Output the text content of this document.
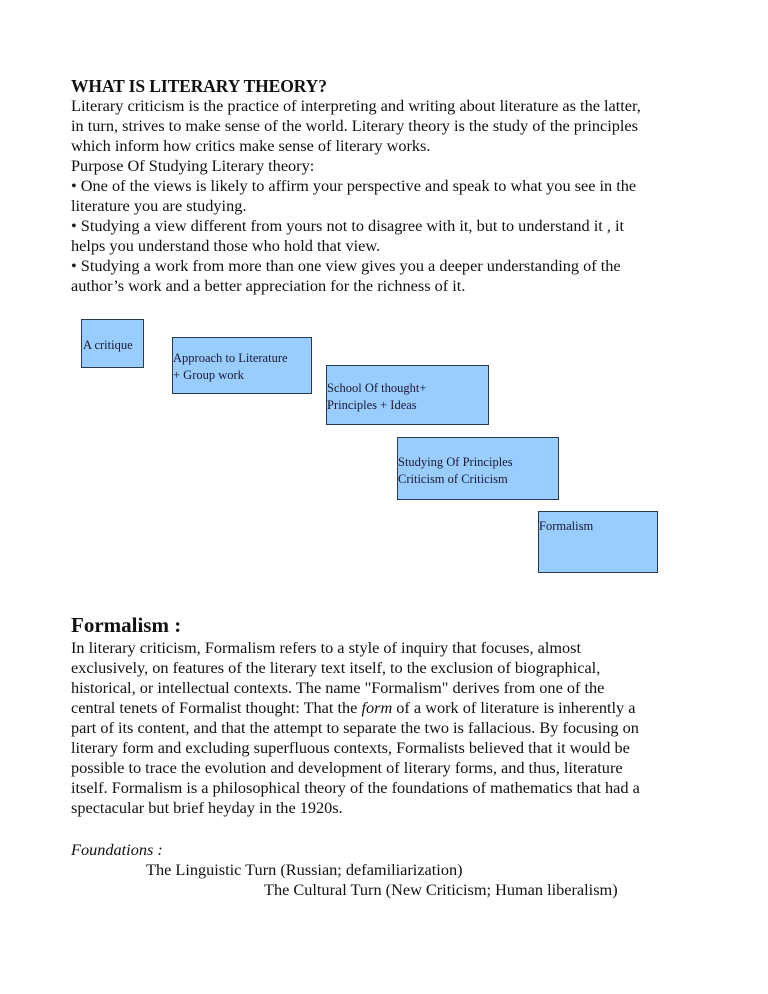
WHAT IS LITERARY THEORY?
Literary criticism is the practice of interpreting and writing about literature as the latter,
in turn, strives to make sense of the world. Literary theory is the study of the principles
which inform how critics make sense of literary works.
Purpose Of Studying Literary theory:
• One of the views is likely to affirm your perspective and speak to what you see in the
literature you are studying.
• Studying a view different from yours not to disagree with it, but to understand it , it
helps you understand those who hold that view.
• Studying a work from more than one view gives you a deeper understanding of the
author’s work and a better appreciation for the richness of it.
A critique
Approach to Literature
+ Group work
School Of thought+
Principles + Ideas
Studying Of Principles
Criticism of Criticism
Formalism
Formalism :
In literary criticism, Formalism refers to a style of inquiry that focuses, almost
exclusively, on features of the literary text itself, to the exclusion of biographical,
historical, or intellectual contexts. The name "Formalism" derives from one of the
central tenets of Formalist thought: That the form of a work of literature is inherently a
part of its content, and that the attempt to separate the two is fallacious. By focusing on
literary form and excluding superfluous contexts, Formalists believed that it would be
possible to trace the evolution and development of literary forms, and thus, literature
itself. Formalism is a philosophical theory of the foundations of mathematics that had a
spectacular but brief heyday in the 1920s.
Foundations :
The Linguistic Turn (Russian; defamiliarization)
The Cultural Turn (New Criticism; Human liberalism)
